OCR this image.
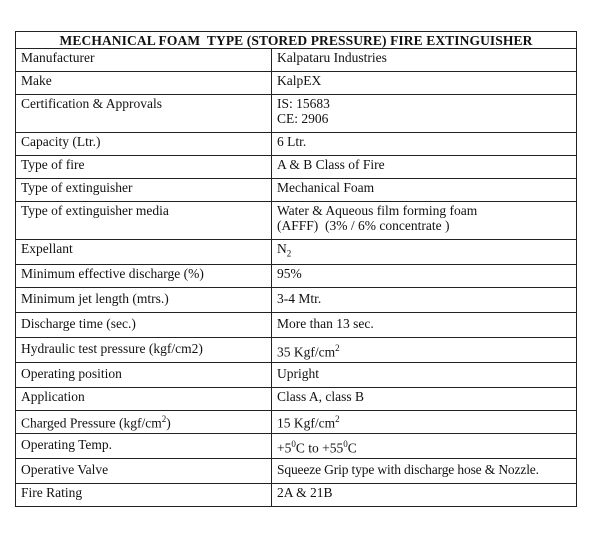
MECHANICAL FOAM  TYPE (STORED PRESSURE) FIRE EXTINGUISHER	
Manufacturer	Kalpataru Industries
Make	KalpEX
Certification & Approvals	IS: 15683
CE: 2906

Capacity (Ltr.)	6 Ltr.
Type of fire	A & B Class of Fire
Type of extinguisher	Mechanical Foam
Type of extinguisher media	Water & Aqueous film forming foam
(AFFF)  (3% / 6% concentrate )

Expellant	$N_2$
Minimum effective discharge (%)	95%
Minimum jet length (mtrs.)	3-4 Mtr.
Discharge time (sec.)	More than 13 sec.
Hydraulic test pressure (kgf/cm2)	35 Kgf/$cm^2$
Operating position	Upright
Application	Class A, class B
Charged Pressure $(kgf/cm^2)$	15 Kgf/$cm^2$
Operating Temp.	$+5^0C$ to $+55^0C$
Operative Valve	Squeeze Grip type with discharge hose & Nozzle.
Fire Rating	2A & 21B
